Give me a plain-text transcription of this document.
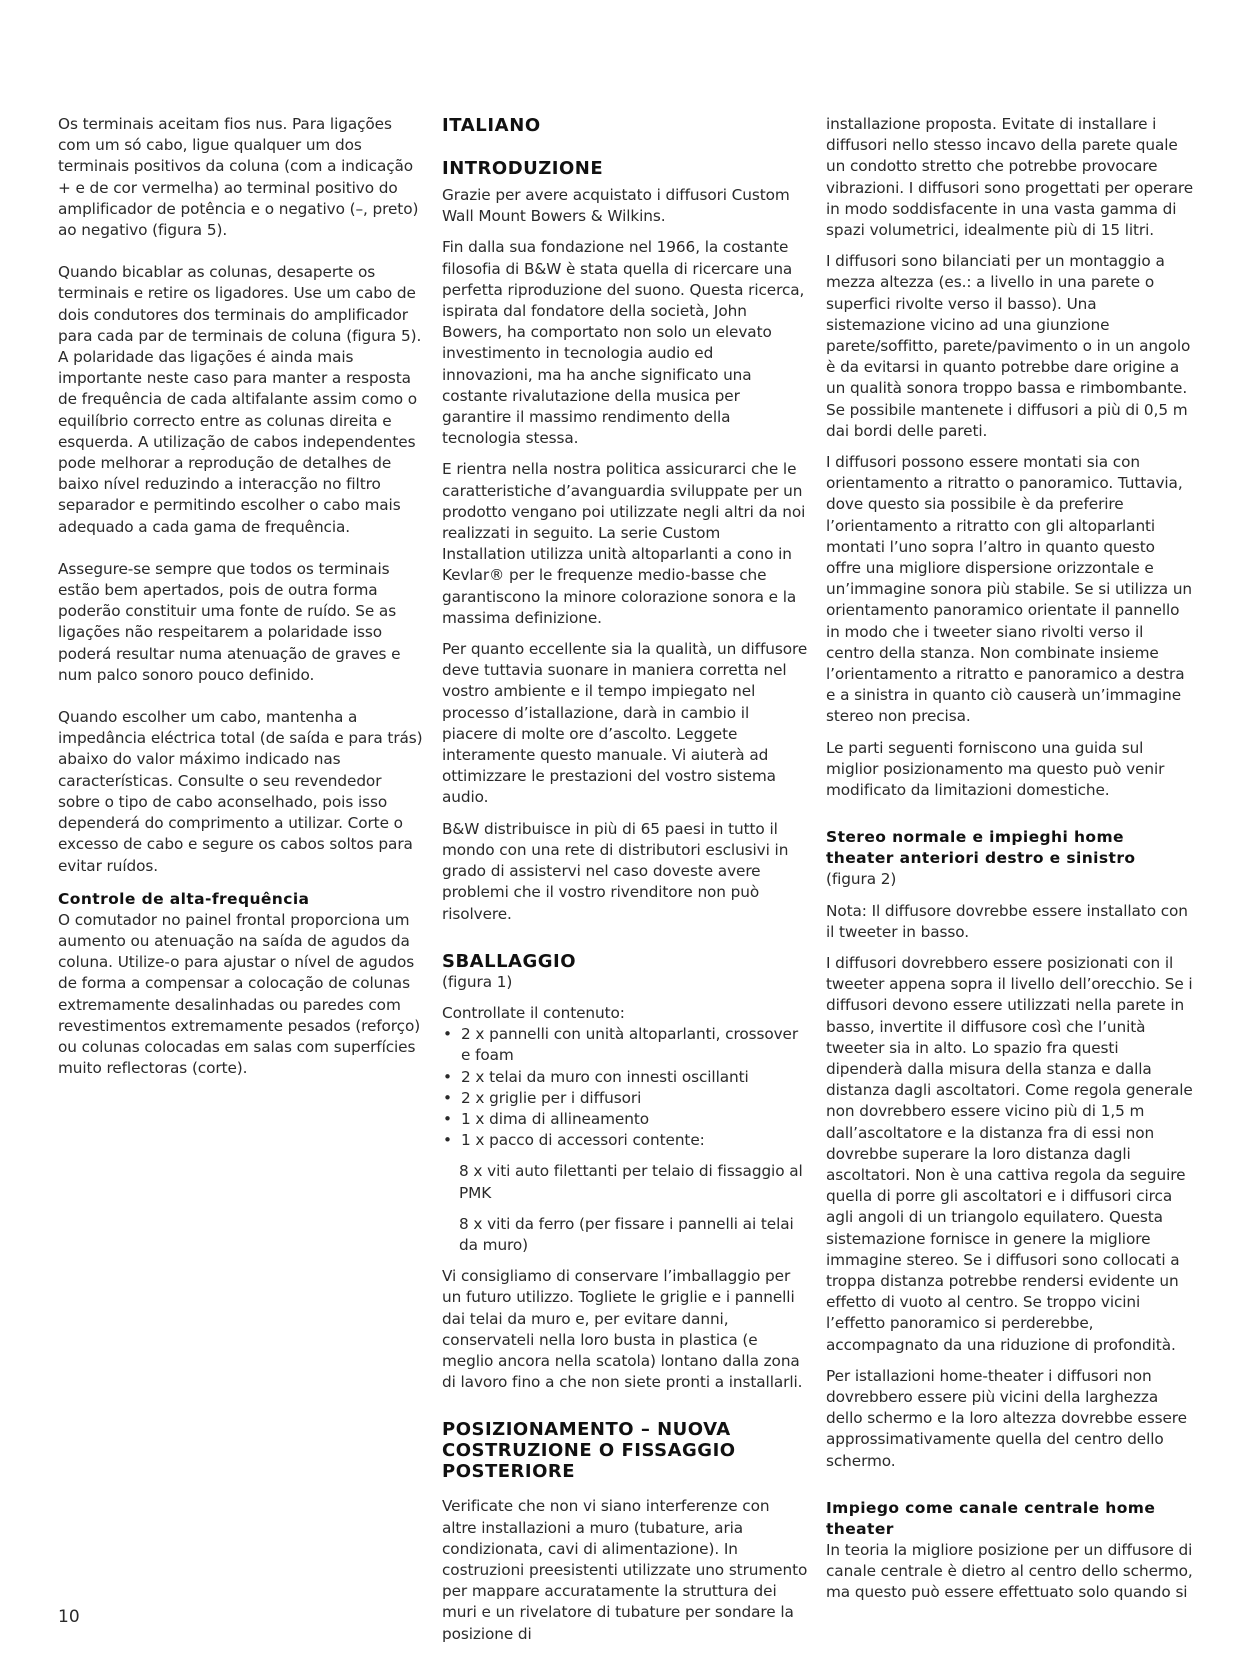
Os terminais aceitam fios nus. Para ligações com um só cabo, ligue qualquer um dos terminais positivos da coluna (com a indicação + e de cor vermelha) ao terminal positivo do amplificador de potência e o negativo (–, preto) ao negativo (figura 5).

Quando bicablar as colunas, desaperte os terminais e retire os ligadores. Use um cabo de dois condutores dos terminais do amplificador para cada par de terminais de coluna (figura 5). A polaridade das ligações é ainda mais importante neste caso para manter a resposta de frequência de cada altifalante assim como o equilíbrio correcto entre as colunas direita e esquerda. A utilização de cabos independentes pode melhorar a reprodução de detalhes de baixo nível reduzindo a interacção no filtro separador e permitindo escolher o cabo mais adequado a cada gama de frequência.

Assegure-se sempre que todos os terminais estão bem apertados, pois de outra forma poderão constituir uma fonte de ruído. Se as ligações não respeitarem a polaridade isso poderá resultar numa atenuação de graves e num palco sonoro pouco definido.

Quando escolher um cabo, mantenha a impedância eléctrica total (de saída e para trás) abaixo do valor máximo indicado nas características. Consulte o seu revendedor sobre o tipo de cabo aconselhado, pois isso dependerá do comprimento a utilizar. Corte o excesso de cabo e segure os cabos soltos para evitar ruídos.

Controle de alta-frequência

O comutador no painel frontal proporciona um aumento ou atenuação na saída de agudos da coluna. Utilize-o para ajustar o nível de agudos de forma a compensar a colocação de colunas extremamente desalinhadas ou paredes com revestimentos extremamente pesados (reforço) ou colunas colocadas em salas com superfícies muito reflectoras (corte).

ITALIANO
INTRODUZIONE

Grazie per avere acquistato i diffusori Custom Wall Mount Bowers & Wilkins.

Fin dalla sua fondazione nel 1966, la costante filosofia di B&W è stata quella di ricercare una perfetta riproduzione del suono. Questa ricerca, ispirata dal fondatore della società, John Bowers, ha comportato non solo un elevato investimento in tecnologia audio ed innovazioni, ma ha anche significato una costante rivalutazione della musica per garantire il massimo rendimento della tecnologia stessa.

E rientra nella nostra politica assicurarci che le caratteristiche d’avanguardia sviluppate per un prodotto vengano poi utilizzate negli altri da noi realizzati in seguito. La serie Custom Installation utilizza unità altoparlanti a cono in Kevlar® per le frequenze medio-basse che garantiscono la minore colorazione sonora e la massima definizione.

Per quanto eccellente sia la qualità, un diffusore deve tuttavia suonare in maniera corretta nel vostro ambiente e il tempo impiegato nel processo d’istallazione, darà in cambio il piacere di molte ore d’ascolto. Leggete interamente questo manuale. Vi aiuterà ad ottimizzare le prestazioni del vostro sistema audio.

B&W distribuisce in più di 65 paesi in tutto il mondo con una rete di distributori esclusivi in grado di assistervi nel caso doveste avere problemi che il vostro rivenditore non può risolvere.

SBALLAGGIO

(figura 1)

Controllate il contenuto:

• 2 x pannelli con unità altoparlanti, crossover e foam
• 2 x telai da muro con innesti oscillanti
• 2 x griglie per i diffusori
• 1 x dima di allineamento
• 1 x pacco di accessori contente:

8 x viti auto filettanti per telaio di fissaggio al PMK

8 x viti da ferro (per fissare i pannelli ai telai da muro)

Vi consigliamo di conservare l’imballaggio per un futuro utilizzo. Togliete le griglie e i pannelli dai telai da muro e, per evitare danni, conservateli nella loro busta in plastica (e meglio ancora nella scatola) lontano dalla zona di lavoro fino a che non siete pronti a installarli.

POSIZIONAMENTO – NUOVA COSTRUZIONE O FISSAGGIO POSTERIORE

Verificate che non vi siano interferenze con altre installazioni a muro (tubature, aria condizionata, cavi di alimentazione). In costruzioni preesistenti utilizzate uno strumento per mappare accuratamente la struttura dei muri e un rivelatore di tubature per sondare la posizione di

installazione proposta. Evitate di installare i diffusori nello stesso incavo della parete quale un condotto stretto che potrebbe provocare vibrazioni. I diffusori sono progettati per operare in modo soddisfacente in una vasta gamma di spazi volumetrici, idealmente più di 15 litri.

I diffusori sono bilanciati per un montaggio a mezza altezza (es.: a livello in una parete o superfici rivolte verso il basso). Una sistemazione vicino ad una giunzione parete/soffitto, parete/pavimento o in un angolo è da evitarsi in quanto potrebbe dare origine a un qualità sonora troppo bassa e rimbombante. Se possibile mantenete i diffusori a più di 0,5 m dai bordi delle pareti.

I diffusori possono essere montati sia con orientamento a ritratto o panoramico. Tuttavia, dove questo sia possibile è da preferire l’orientamento a ritratto con gli altoparlanti montati l’uno sopra l’altro in quanto questo offre una migliore dispersione orizzontale e un’immagine sonora più stabile. Se si utilizza un orientamento panoramico orientate il pannello in modo che i tweeter siano rivolti verso il centro della stanza. Non combinate insieme l’orientamento a ritratto e panoramico a destra e a sinistra in quanto ciò causerà un’immagine stereo non precisa.

Le parti seguenti forniscono una guida sul miglior posizionamento ma questo può venir modificato da limitazioni domestiche.

Stereo normale e impieghi home theater anteriori destro e sinistro

(figura 2)

Nota: Il diffusore dovrebbe essere installato con il tweeter in basso.

I diffusori dovrebbero essere posizionati con il tweeter appena sopra il livello dell’orecchio. Se i diffusori devono essere utilizzati nella parete in basso, invertite il diffusore così che l’unità tweeter sia in alto. Lo spazio fra questi dipenderà dalla misura della stanza e dalla distanza dagli ascoltatori. Come regola generale non dovrebbero essere vicino più di 1,5 m dall’ascoltatore e la distanza fra di essi non dovrebbe superare la loro distanza dagli ascoltatori. Non è una cattiva regola da seguire quella di porre gli ascoltatori e i diffusori circa agli angoli di un triangolo equilatero. Questa sistemazione fornisce in genere la migliore immagine stereo. Se i diffusori sono collocati a troppa distanza potrebbe rendersi evidente un effetto di vuoto al centro. Se troppo vicini l’effetto panoramico si perderebbe, accompagnato da una riduzione di profondità.

Per istallazioni home-theater i diffusori non dovrebbero essere più vicini della larghezza dello schermo e la loro altezza dovrebbe essere approssimativamente quella del centro dello schermo.

Impiego come canale centrale home theater

In teoria la migliore posizione per un diffusore di canale centrale è dietro al centro dello schermo, ma questo può essere effettuato solo quando si

10
